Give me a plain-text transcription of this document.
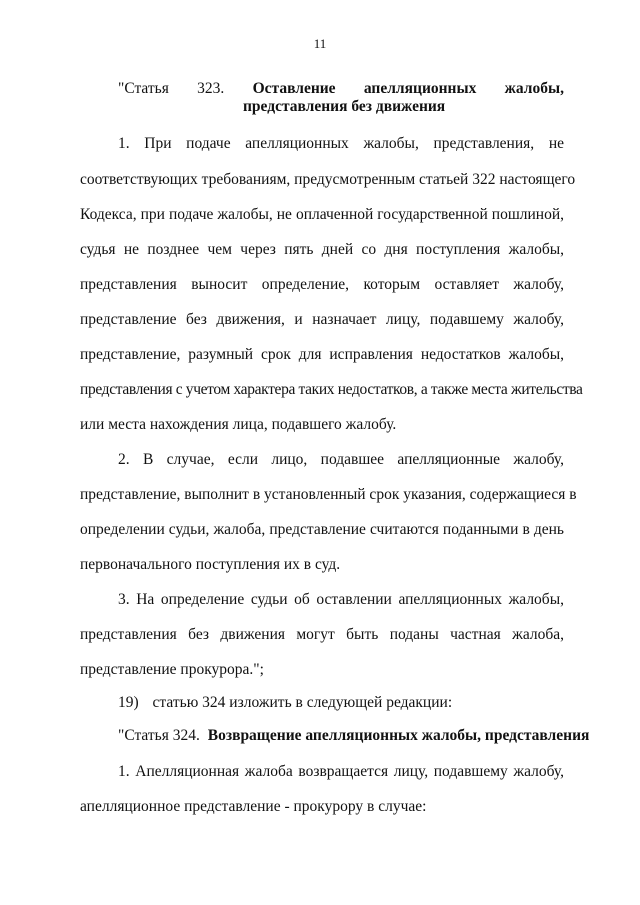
11
"Статья 323. Оставление апелляционных жалобы,
представления без движения
1. При подаче апелляционных жалобы, представления, не
соответствующих требованиям, предусмотренным статьей 322 настоящего
Кодекса, при подаче жалобы, не оплаченной государственной пошлиной,
судья не позднее чем через пять дней со дня поступления жалобы,
представления выносит определение, которым оставляет жалобу,
представление без движения, и назначает лицу, подавшему жалобу,
представление, разумный срок для исправления недостатков жалобы,
представления с учетом характера таких недостатков, а также места жительства
или места нахождения лица, подавшего жалобу.
2. В случае, если лицо, подавшее апелляционные жалобу,
представление, выполнит в установленный срок указания, содержащиеся в
определении судьи, жалоба, представление считаются поданными в день
первоначального поступления их в суд.
3. На определение судьи об оставлении апелляционных жалобы,
представления без движения могут быть поданы частная жалоба,
представление прокурора.";
19) статью 324 изложить в следующей редакции:
"Статья 324. Возвращение апелляционных жалобы, представления
1. Апелляционная жалоба возвращается лицу, подавшему жалобу,
апелляционное представление - прокурору в случае:
